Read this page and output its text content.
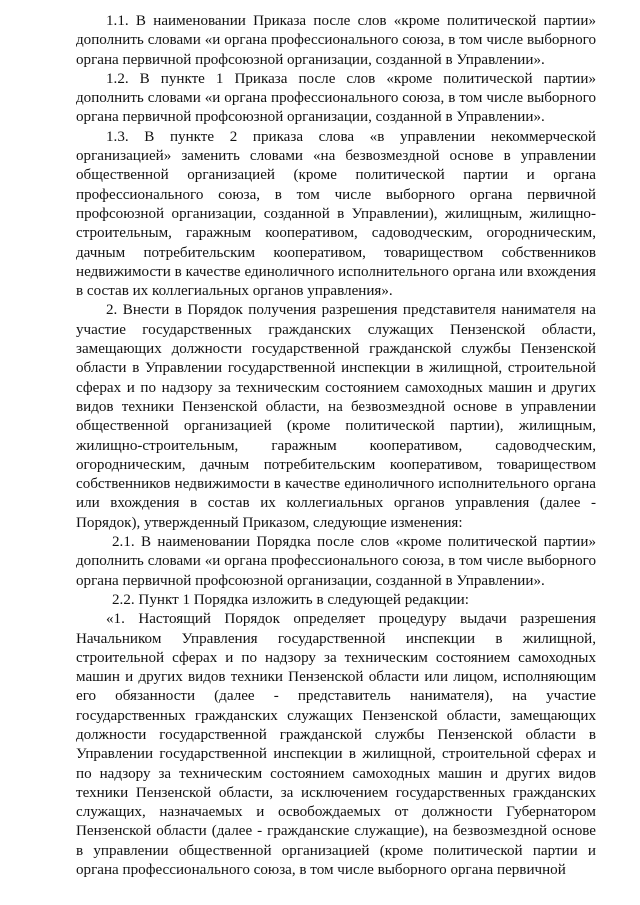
1.1. В наименовании Приказа после слов «кроме политической партии» дополнить словами «и органа профессионального союза, в том числе выборного органа первичной профсоюзной организации, созданной в Управлении».

1.2. В пункте 1 Приказа после слов «кроме политической партии» дополнить словами «и органа профессионального союза, в том числе выборного органа первичной профсоюзной организации, созданной в Управлении».

1.3. В пункте 2 приказа слова «в управлении некоммерческой организацией» заменить словами «на безвозмездной основе в управлении общественной организацией (кроме политической партии и органа профессионального союза, в том числе выборного органа первичной профсоюзной организации, созданной в Управлении), жилищным, жилищно-строительным, гаражным кооперативом, садоводческим, огородническим, дачным потребительским кооперативом, товариществом собственников недвижимости в качестве единоличного исполнительного органа или вхождения в состав их коллегиальных органов управления».

2. Внести в Порядок получения разрешения представителя нанимателя на участие государственных гражданских служащих Пензенской области, замещающих должности государственной гражданской службы Пензенской области в Управлении государственной инспекции в жилищной, строительной сферах и по надзору за техническим состоянием самоходных машин и других видов техники Пензенской области, на безвозмездной основе в управлении общественной организацией (кроме политической партии), жилищным, жилищно-строительным, гаражным кооперативом, садоводческим, огородническим, дачным потребительским кооперативом, товариществом собственников недвижимости в качестве единоличного исполнительного органа или вхождения в состав их коллегиальных органов управления (далее - Порядок), утвержденный Приказом, следующие изменения:

2.1. В наименовании Порядка после слов «кроме политической партии» дополнить словами «и органа профессионального союза, в том числе выборного органа первичной профсоюзной организации, созданной в Управлении».

2.2. Пункт 1 Порядка изложить в следующей редакции:

«1. Настоящий Порядок определяет процедуру выдачи разрешения Начальником Управления государственной инспекции в жилищной, строительной сферах и по надзору за техническим состоянием самоходных машин и других видов техники Пензенской области или лицом, исполняющим его обязанности (далее - представитель нанимателя), на участие государственных гражданских служащих Пензенской области, замещающих должности государственной гражданской службы Пензенской области в Управлении государственной инспекции в жилищной, строительной сферах и по надзору за техническим состоянием самоходных машин и других видов техники Пензенской области, за исключением государственных гражданских служащих, назначаемых и освобождаемых от должности Губернатором Пензенской области (далее - гражданские служащие), на безвозмездной основе в управлении общественной организацией (кроме политической партии и органа профессионального союза, в том числе выборного органа первичной
